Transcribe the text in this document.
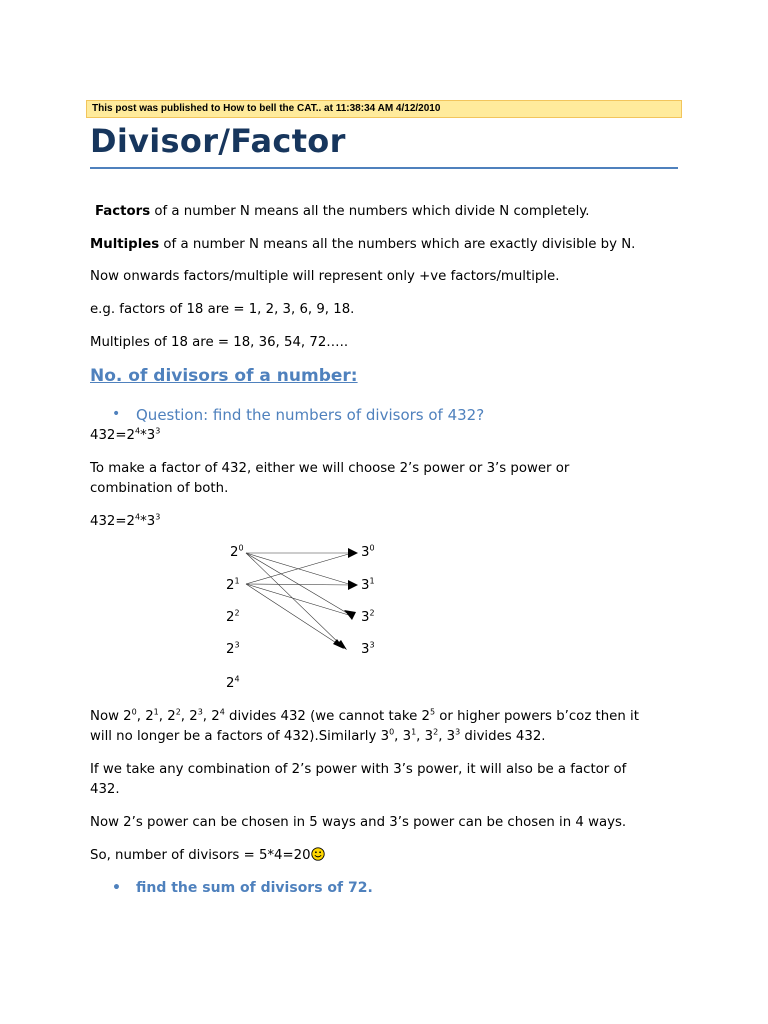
This post was published to How to bell the CAT.. at 11:38:34 AM 4/12/2010
Divisor/Factor

Factors of a number N means all the numbers which divide N completely.

Multiples of a number N means all the numbers which are exactly divisible by N.

Now onwards factors/multiple will represent only +ve factors/multiple.

e.g. factors of 18 are = 1, 2, 3, 6, 9, 18.

Multiples of 18 are = 18, 36, 54, 72…..

No. of divisors of a number:
• Question: find the numbers of divisors of 432?

$432=2^4*3^3$

To make a factor of 432, either we will choose 2’s power or 3’s power or

combination of both.

$432=2^4*3^3$

$2^0$
$2^1$
$2^2$
$2^3$
$2^4$
$3^0$
$3^1$
$3^2$
$3^3$

Now $2^0$, $2^1$, $2^2$, $2^3$, $2^4$ divides 432 (we cannot take $2^5$ or higher powers b’coz then it

will no longer be a factors of 432).Similarly $3^0$, $3^1$, $3^2$, $3^3$ divides 432.

If we take any combination of 2’s power with 3’s power, it will also be a factor of

432.

Now 2’s power can be chosen in 5 ways and 3’s power can be chosen in 4 ways.

So, number of divisors = 5*4=20

• find the sum of divisors of 72.
